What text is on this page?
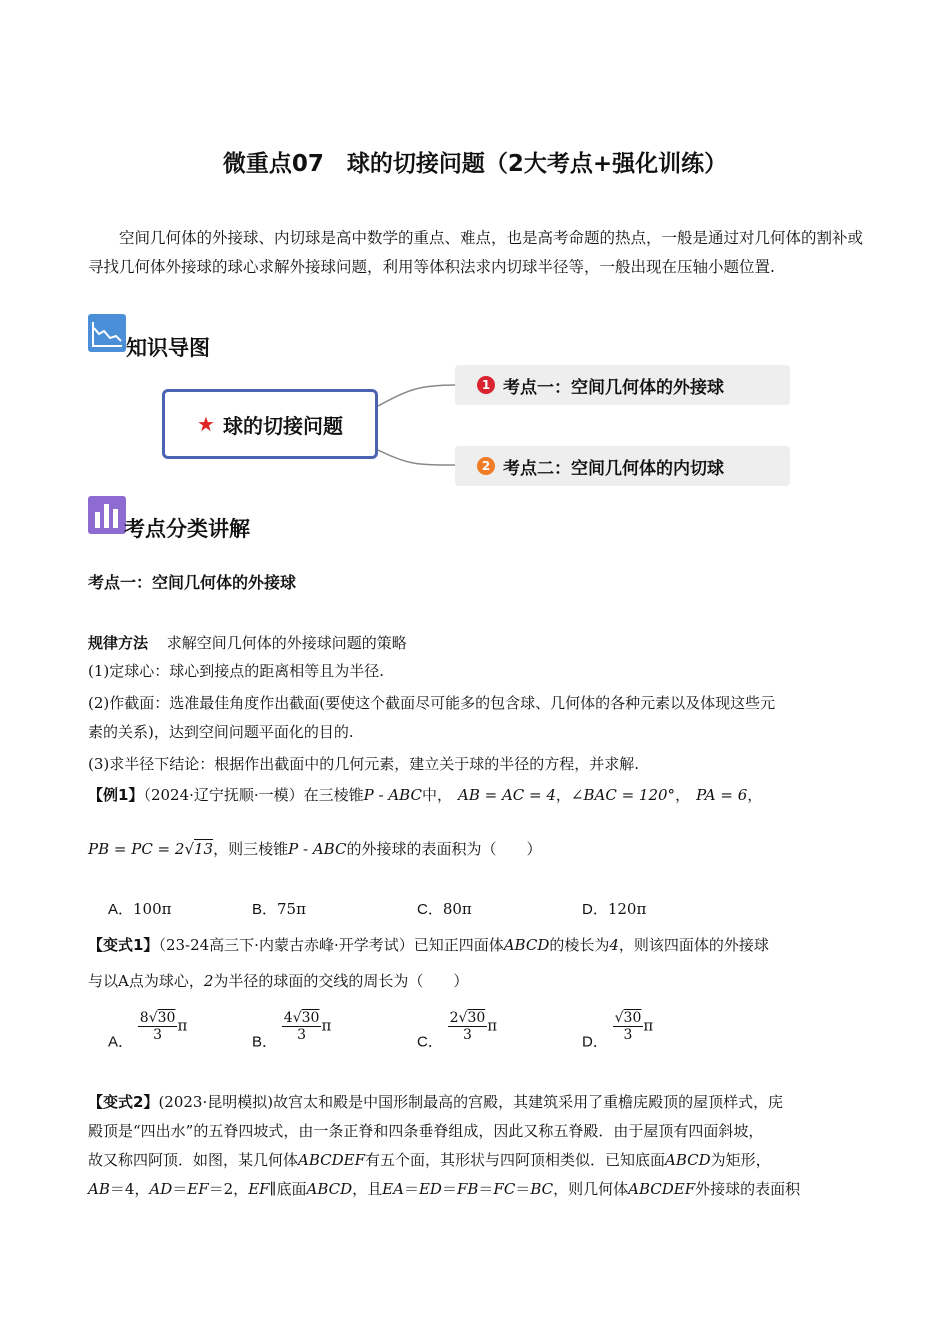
微重点07　球的切接问题（2大考点+强化训练）
空间几何体的外接球、内切球是高中数学的重点、难点，也是高考命题的热点，一般是通过对几何体的割补或寻找几何体外接球的球心求解外接球问题，利用等体积法求内切球半径等，一般出现在压轴小题位置.
知识导图
★ 球的切接问题
1 考点一：空间几何体的外接球
2 考点二：空间几何体的内切球
考点分类讲解
考点一：空间几何体的外接球
规律方法 求解空间几何体的外接球问题的策略
(1)定球心：球心到接点的距离相等且为半径.
(2)作截面：选准最佳角度作出截面(要使这个截面尽可能多的包含球、几何体的各种元素以及体现这些元
素的关系)，达到空间问题平面化的目的.
(3)求半径下结论：根据作出截面中的几何元素，建立关于球的半径的方程，并求解.
【例1】（2024·辽宁抚顺·一模）在三棱锥P - ABC中， AB = AC = 4，∠BAC = 120°， PA = 6，
PB = PC = 2√13，则三棱锥P - ABC的外接球的表面积为（　　）
A．100π	B．75π	C．80π	D．120π
【变式1】（23-24高三下·内蒙古赤峰·开学考试）已知正四面体ABCD的棱长为4，则该四面体的外接球
与以A点为球心，2为半径的球面的交线的周长为（　　）
A． $\frac{8√30}{3}$ π
B． $\frac{4√30}{3}$ π
C． $\frac{2√30}{3}$ π
D． $\frac{√30}{3}$ π
【变式2】(2023·昆明模拟)故宫太和殿是中国形制最高的宫殿，其建筑采用了重檐庑殿顶的屋顶样式，庑
殿顶是“四出水”的五脊四坡式，由一条正脊和四条垂脊组成，因此又称五脊殿．由于屋顶有四面斜坡，
故又称四阿顶．如图，某几何体ABCDEF有五个面，其形状与四阿顶相类似．已知底面ABCD为矩形，
AB＝4，AD＝EF＝2，EF∥底面ABCD，且EA＝ED＝FB＝FC＝BC，则几何体ABCDEF外接球的表面积
